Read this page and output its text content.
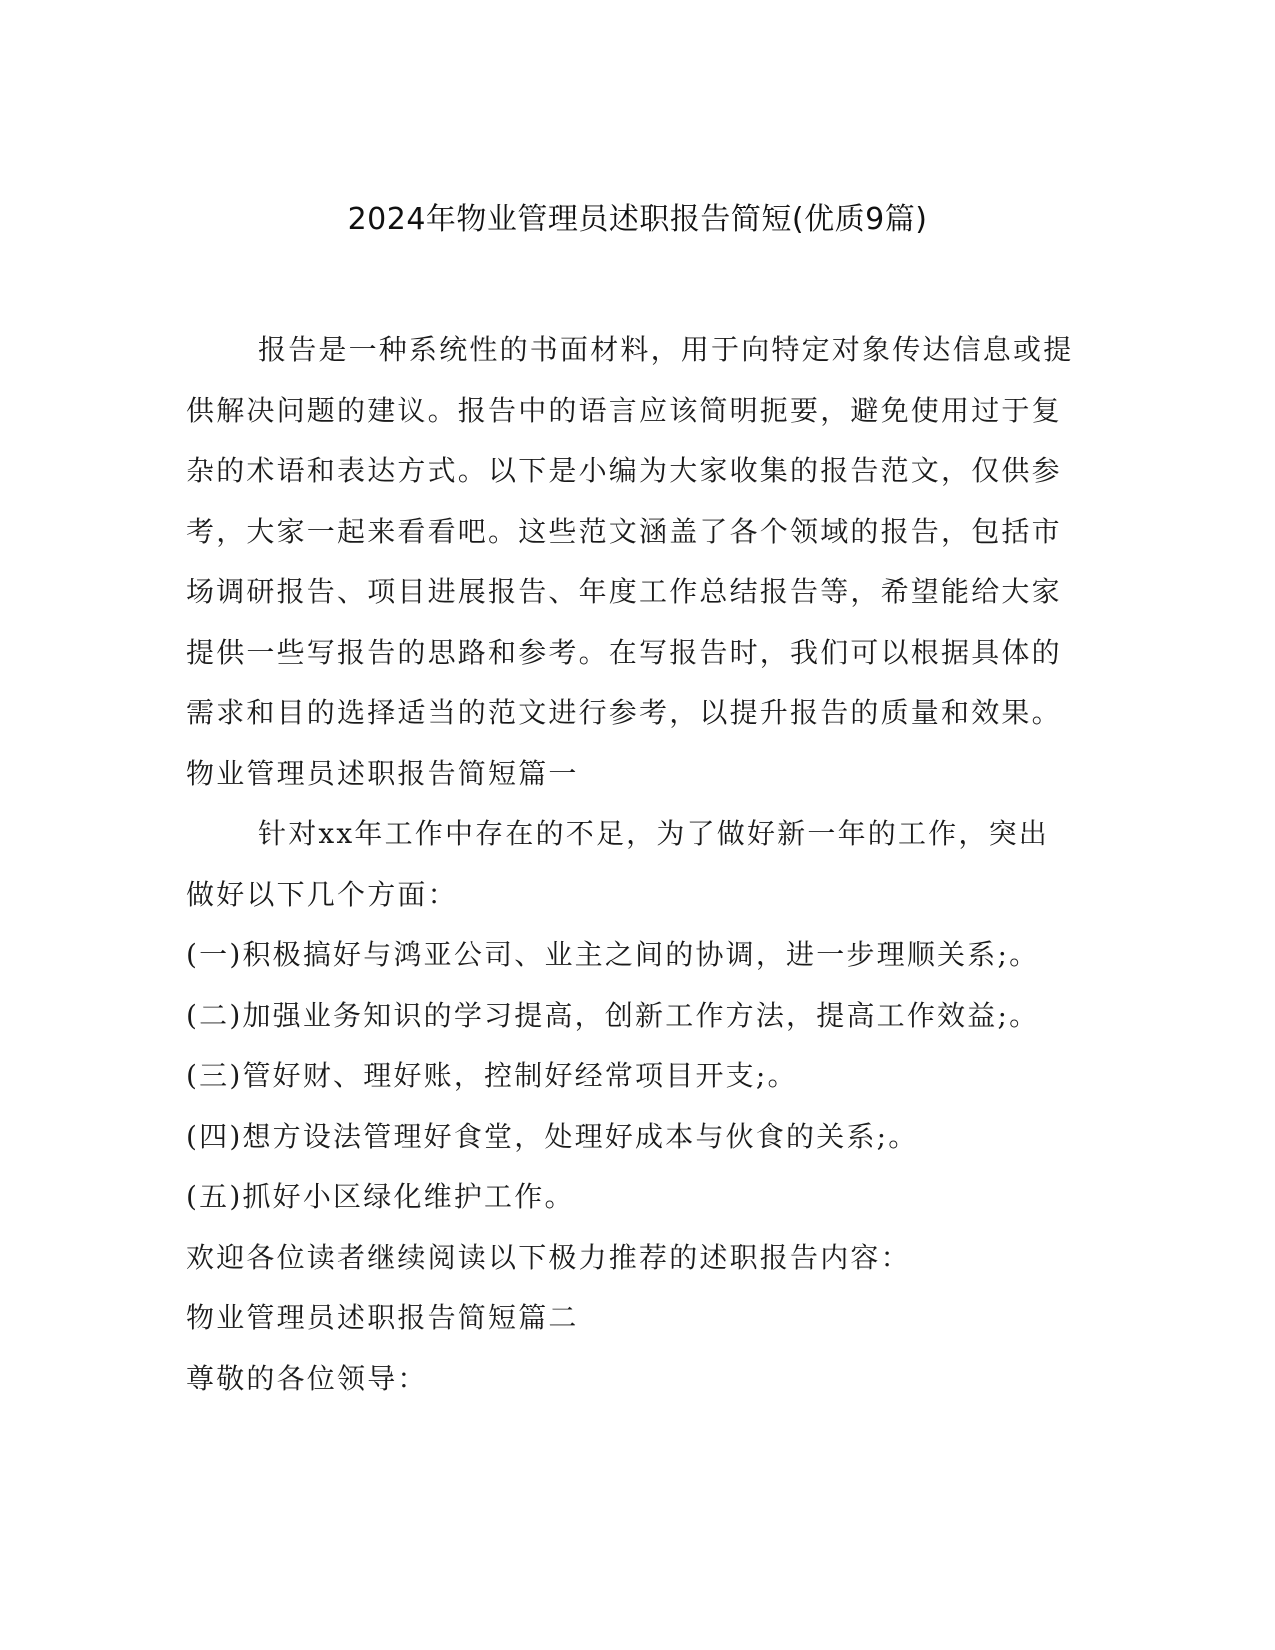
2024年物业管理员述职报告简短(优质9篇)

报告是一种系统性的书面材料，用于向特定对象传达信息或提供解决问题的建议。报告中的语言应该简明扼要，避免使用过于复杂的术语和表达方式。以下是小编为大家收集的报告范文，仅供参考，大家一起来看看吧。这些范文涵盖了各个领域的报告，包括市场调研报告、项目进展报告、年度工作总结报告等，希望能给大家提供一些写报告的思路和参考。在写报告时，我们可以根据具体的需求和目的选择适当的范文进行参考，以提升报告的质量和效果。

物业管理员述职报告简短篇一

针对xx年工作中存在的不足，为了做好新一年的工作，突出做好以下几个方面：

(一)积极搞好与鸿亚公司、业主之间的协调，进一步理顺关系;。

(二)加强业务知识的学习提高，创新工作方法，提高工作效益;。

(三)管好财、理好账，控制好经常项目开支;。

(四)想方设法管理好食堂，处理好成本与伙食的关系;。

(五)抓好小区绿化维护工作。

欢迎各位读者继续阅读以下极力推荐的述职报告内容：

物业管理员述职报告简短篇二

尊敬的各位领导：
